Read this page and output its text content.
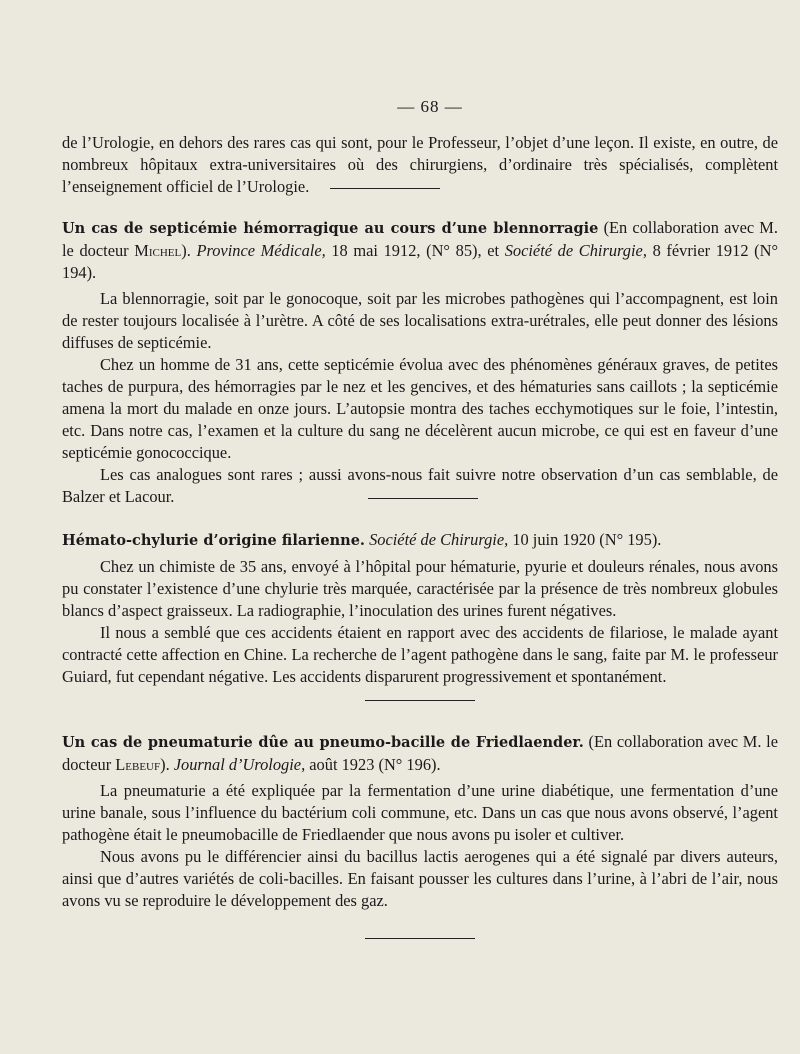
— 68 —

de l’Urologie, en dehors des rares cas qui sont, pour le Professeur, l’objet d’une leçon. Il existe, en outre, de nombreux hôpitaux extra-universitaires où des chirurgiens, d’ordinaire très spécialisés, complètent l’enseignement officiel de l’Urologie.

Un cas de septicémie hémorragique au cours d’une blennorragie (En collaboration avec M. le docteur Michel). Province Médicale, 18 mai 1912, (N° 85), et Société de Chirurgie, 8 février 1912 (N° 194).

La blennorragie, soit par le gonocoque, soit par les microbes pathogènes qui l’accompagnent, est loin de rester toujours localisée à l’urètre. A côté de ses localisations extra-urétrales, elle peut donner des lésions diffuses de septicémie.

Chez un homme de 31 ans, cette septicémie évolua avec des phénomènes généraux graves, de petites taches de purpura, des hémorragies par le nez et les gencives, et des hématuries sans caillots ; la septicémie amena la mort du malade en onze jours. L’autopsie montra des taches ecchymotiques sur le foie, l’intestin, etc. Dans notre cas, l’examen et la culture du sang ne décelèrent aucun microbe, ce qui est en faveur d’une septicémie gonococcique.

Les cas analogues sont rares ; aussi avons-nous fait suivre notre observation d’un cas semblable, de Balzer et Lacour.

Hémato-chylurie d’origine filarienne. Société de Chirurgie, 10 juin 1920 (N° 195).

Chez un chimiste de 35 ans, envoyé à l’hôpital pour hématurie, pyurie et douleurs rénales, nous avons pu constater l’existence d’une chylurie très marquée, caractérisée par la présence de très nombreux globules blancs d’aspect graisseux. La radiographie, l’inoculation des urines furent négatives.

Il nous a semblé que ces accidents étaient en rapport avec des accidents de filariose, le malade ayant contracté cette affection en Chine. La recherche de l’agent pathogène dans le sang, faite par M. le professeur Guiard, fut cependant négative. Les accidents disparurent progressivement et spontanément.

Un cas de pneumaturie dûe au pneumo-bacille de Friedlaender. (En collaboration avec M. le docteur Lebeuf). Journal d’Urologie, août 1923 (N° 196).

La pneumaturie a été expliquée par la fermentation d’une urine diabétique, une fermentation d’une urine banale, sous l’influence du bactérium coli commune, etc. Dans un cas que nous avons observé, l’agent pathogène était le pneumobacille de Friedlaender que nous avons pu isoler et cultiver.

Nous avons pu le différencier ainsi du bacillus lactis aerogenes qui a été signalé par divers auteurs, ainsi que d’autres variétés de coli-bacilles. En faisant pousser les cultures dans l’urine, à l’abri de l’air, nous avons vu se reproduire le développement des gaz.
